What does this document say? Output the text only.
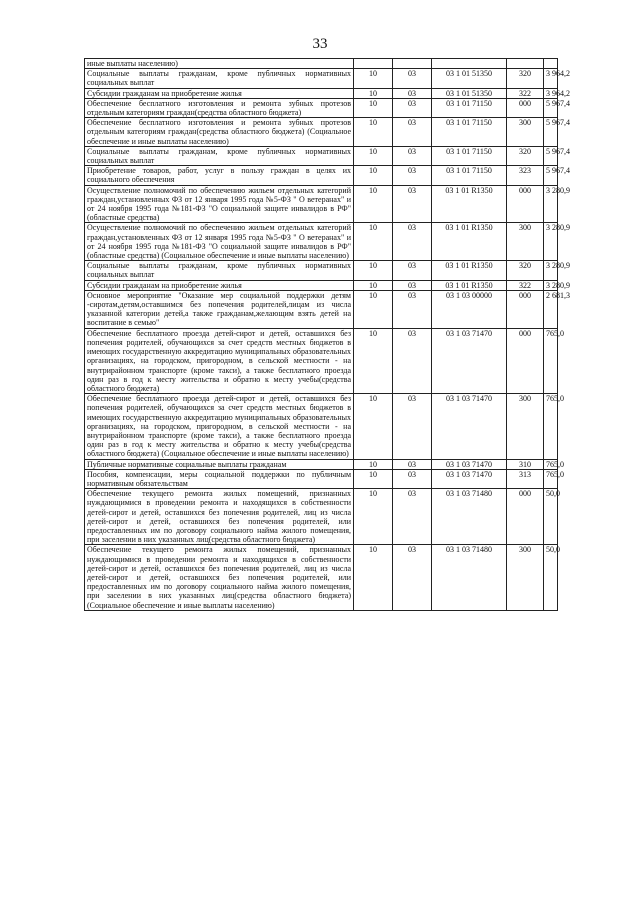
33
иные выплаты населению)					
Социальные выплаты гражданам, кроме публичных нормативных социальных выплат	10	03	03 1 01 51350	320	3 964,2
Субсидии гражданам на приобретение жилья	10	03	03 1 01 51350	322	3 964,2
Обеспечение бесплатного изготовления и ремонта зубных протезов отдельным категориям граждан(средства областного бюджета)	10	03	03 1 01 71150	000	5 967,4
Обеспечение бесплатного изготовления и ремонта зубных протезов отдельным категориям граждан(средства областного бюджета) (Социальное обеспечение и иные выплаты населению)	10	03	03 1 01 71150	300	5 967,4
Социальные выплаты гражданам, кроме публичных нормативных социальных выплат	10	03	03 1 01 71150	320	5 967,4
Приобретение товаров, работ, услуг в пользу граждан в целях их социального обеспечения	10	03	03 1 01 71150	323	5 967,4
Осуществление полномочий по обеспечению жильем отдельных категорий граждан,установленных ФЗ от 12 января 1995 года №5-ФЗ " О ветеранах" и от 24 ноября 1995 года №181-ФЗ "О социальной защите инвалидов в РФ"(областные средства)	10	03	03 1 01 R1350	000	3 280,9
Осуществление полномочий по обеспечению жильем отдельных категорий граждан,установленных ФЗ от 12 января 1995 года №5-ФЗ " О ветеранах" и от 24 ноября 1995 года №181-ФЗ "О социальной защите инвалидов в РФ"(областные средства) (Социальное обеспечение и иные выплаты населению)	10	03	03 1 01 R1350	300	3 280,9
Социальные выплаты гражданам, кроме публичных нормативных социальных выплат	10	03	03 1 01 R1350	320	3 280,9
Субсидии гражданам на приобретение жилья	10	03	03 1 01 R1350	322	3 280,9
Основное мероприятие "Оказание мер социальной поддержки детям -сиротам,детям,оставшимся без попечения родителей,лицам из числа указанной категории детей,а также гражданам,желающим взять детей на воспитание в семью"	10	03	03 1 03 00000	000	2 681,3
Обеспечение бесплатного проезда детей-сирот и детей, оставшихся без попечения родителей, обучающихся за счет средств местных бюджетов в имеющих государственную аккредитацию муниципальных образовательных организациях, на городском, пригородном, в сельской местности - на внутрирайонном транспорте (кроме такси), а также бесплатного проезда один раз в год к месту жительства и обратно к месту учебы(средства областного бюджета)	10	03	03 1 03 71470	000	765,0
Обеспечение бесплатного проезда детей-сирот и детей, оставшихся без попечения родителей, обучающихся за счет средств местных бюджетов в имеющих государственную аккредитацию муниципальных образовательных организациях, на городском, пригородном, в сельской местности - на внутрирайонном транспорте (кроме такси), а также бесплатного проезда один раз в год к месту жительства и обратно к месту учебы(средства областного бюджета) (Социальное обеспечение и иные выплаты населению)	10	03	03 1 03 71470	300	765,0
Публичные нормативные социальные выплаты гражданам	10	03	03 1 03 71470	310	765,0
Пособия, компенсации, меры социальной поддержки по публичным нормативным обязательствам	10	03	03 1 03 71470	313	765,0
Обеспечение текущего ремонта жилых помещений, признанных нуждающимися в проведении ремонта и находящихся в собственности детей-сирот и детей, оставшихся без попечения родителей, лиц из числа детей-сирот и детей, оставшихся без попечения родителей, или предоставленных им по договору социального найма жилого помещения, при заселении в них указанных лиц(средства областного бюджета)	10	03	03 1 03 71480	000	50,0
Обеспечение текущего ремонта жилых помещений, признанных нуждающимися в проведении ремонта и находящихся в собственности детей-сирот и детей, оставшихся без попечения родителей, лиц из числа детей-сирот и детей, оставшихся без попечения родителей, или предоставленных им по договору социального найма жилого помещения, при заселении в них указанных лиц(средства областного бюджета) (Социальное обеспечение и иные выплаты населению)	10	03	03 1 03 71480	300	50,0
